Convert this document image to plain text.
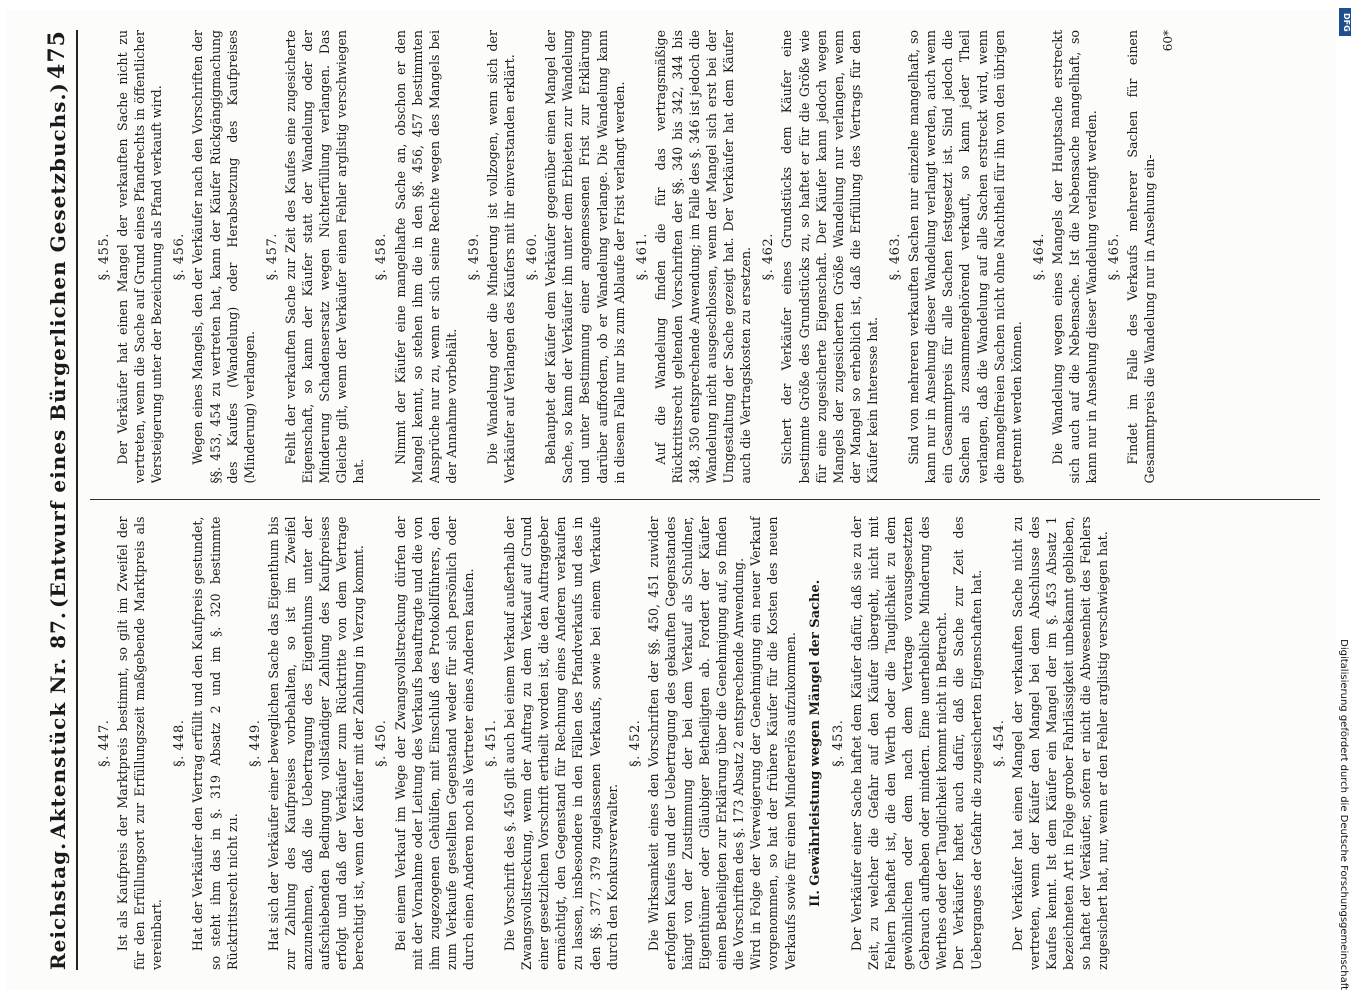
Reichstag.
Aktenstück Nr. 87.
(Entwurf eines Bürgerlichen Gesetzbuchs.)
475
§. 447. Ist als Kaufpreis der Marktpreis bestimmt, so gilt im Zweifel der für den Erfüllungsort zur Erfüllungszeit maßgebende Marktpreis als vereinbart.

§. 448. Hat der Verkäufer den Vertrag erfüllt und den Kaufpreis gestundet, so steht ihm das in §. 319 Absatz 2 und im §. 320 bestimmte Rücktrittsrecht nicht zu.

§. 449. Hat sich der Verkäufer einer beweglichen Sache das Eigenthum bis zur Zahlung des Kaufpreises vorbehalten, so ist im Zweifel anzunehmen, daß die Uebertragung des Eigenthums unter der aufschiebenden Bedingung vollständiger Zahlung des Kaufpreises erfolgt und daß der Verkäufer zum Rücktritte von dem Vertrage berechtigt ist, wenn der Käufer mit der Zahlung in Verzug kommt. §. 450. Bei einem Verkauf im Wege der Zwangsvollstreckung dürfen der mit der Vornahme oder Leitung des Verkaufs beauftragte und die von ihm zugezogenen Gehülfen, mit Einschluß des Protokollführers, den zum Verkaufe gestellten Gegenstand weder für sich persönlich oder durch einen Anderen noch als Vertreter eines Anderen kaufen. §. 451. Die Vorschrift des §. 450 gilt auch bei einem Verkauf außerhalb der Zwangsvollstreckung, wenn der Auftrag zu dem Verkauf auf Grund einer gesetzlichen Vorschrift ertheilt worden ist, die den Auftraggeber ermächtigt, den Gegenstand für Rechnung eines Anderen verkaufen zu lassen, insbesondere in den Fällen des Pfandverkaufs und des in den §§. 377, 379 zugelassenen Verkaufs, sowie bei einem Verkaufe durch den Konkursverwalter.

§. 452.

Die Wirksamkeit eines den Vorschriften der §§. 450, 451 zuwider erfolgten Kaufes und der Uebertragung des gekauften Gegenstandes hängt von der Zustimmung der bei dem Verkauf als Schuldner, Eigenthümer oder Gläubiger Betheiligten ab. Fordert der Käufer einen Betheiligten zur Erklärung über die Genehmigung auf, so finden die Vorschriften des §. 173 Absatz 2 entsprechende Anwendung.
Wird in Folge der Verweigerung der Genehmigung ein neuer Verkauf vorgenommen, so hat der frühere Käufer für die Kosten des neuen Verkaufs sowie für einen Mindererlös aufzukommen. II. Gewährleistung wegen Mängel der Sache. §. 453.

Der Verkäufer einer Sache haftet dem Käufer dafür, daß sie zu der Zeit, zu welcher die Gefahr auf den Käufer übergeht, nicht mit Fehlern behaftet ist, die den Werth oder die Tauglichkeit zu dem gewöhnlichen oder dem nach dem Vertrage vorausgesetzten Gebrauch aufheben oder mindern. Eine unerhebliche Minderung des Werthes oder der Tauglichkeit kommt nicht in Betracht.
Der Verkäufer haftet auch dafür, daß die Sache zur Zeit des Ueberganges der Gefahr die zugesicherten Eigenschaften hat.

§. 454. Der Verkäufer hat einen Mangel der verkauften Sache nicht zu vertreten, wenn der Käufer den Mangel bei dem Abschlusse des Kaufes kennt. Ist dem Käufer ein Mangel der im §. 453 Absatz 1 bezeichneten Art in Folge grober Fahrlässigkeit unbekannt geblieben, so haftet der Verkäufer, sofern er nicht die Abwesenheit des Fehlers zugesichert hat, nur, wenn er den Fehler arglistig verschwiegen hat.

§. 455. Der Verkäufer hat einen Mangel der verkauften Sache nicht zu vertreten, wenn die Sache auf Grund eines Pfandrechts in öffentlicher Versteigerung unter der Bezeichnung als Pfand verkauft wird. §. 456. Wegen eines Mangels, den der Verkäufer nach den Vorschriften der §§. 453, 454 zu vertreten hat, kann der Käufer Rückgängigmachung des Kaufes (Wandelung) oder Herabsetzung des Kaufpreises (Minderung) verlangen.

§. 457. Fehlt der verkauften Sache zur Zeit des Kaufes eine zugesicherte Eigenschaft, so kann der Käufer statt der Wandelung oder der Minderung Schadensersatz wegen Nichterfüllung verlangen. Das Gleiche gilt, wenn der Verkäufer einen Fehler arglistig verschwiegen hat.

§. 458. Nimmt der Käufer eine mangelhafte Sache an, obschon er den Mangel kennt, so stehen ihm die in den §§. 456, 457 bestimmten Ansprüche nur zu, wenn er sich seine Rechte wegen des Mangels bei der Annahme vorbehält.

§. 459. Die Wandelung oder die Minderung ist vollzogen, wenn sich der Verkäufer auf Verlangen des Käufers mit ihr einverstanden erklärt. §. 460. Behauptet der Käufer dem Verkäufer gegenüber einen Mangel der Sache, so kann der Verkäufer ihn unter dem Erbieten zur Wandelung und unter Bestimmung einer angemessenen Frist zur Erklärung darüber auffordern, ob er Wandelung verlange. Die Wandelung kann in diesem Falle nur bis zum Ablaufe der Frist verlangt werden. §. 461. Auf die Wandelung finden die für das vertragsmäßige Rücktrittsrecht geltenden Vorschriften der §§. 340 bis 342, 344 bis 348, 350 entsprechende Anwendung; im Falle des §. 346 ist jedoch die Wandelung nicht ausgeschlossen, wenn der Mangel sich erst bei der Umgestaltung der Sache gezeigt hat. Der Verkäufer hat dem Käufer auch die Vertragskosten zu ersetzen. §. 462. Sichert der Verkäufer eines Grundstücks dem Käufer eine bestimmte Größe des Grundstücks zu, so haftet er für die Größe wie für eine zugesicherte Eigenschaft. Der Käufer kann jedoch wegen Mangels der zugesicherten Größe Wandelung nur verlangen, wenn der Mangel so erheblich ist, daß die Erfüllung des Vertrags für den Käufer kein Interesse hat.

§. 463. Sind von mehreren verkauften Sachen nur einzelne mangelhaft, so kann nur in Ansehung dieser Wandelung verlangt werden, auch wenn ein Gesammtpreis für alle Sachen festgesetzt ist. Sind jedoch die Sachen als zusammengehörend verkauft, so kann jeder Theil verlangen, daß die Wandelung auf alle Sachen erstreckt wird, wenn die mangelfreien Sachen nicht ohne Nachtheil für ihn von den übrigen getrennt werden können.

§. 464. Die Wandelung wegen eines Mangels der Hauptsache erstreckt sich auch auf die Nebensache. Ist die Nebensache mangelhaft, so kann nur in Ansehung dieser Wandelung verlangt werden. §. 465. Findet im Falle des Verkaufs mehrerer Sachen für einen Gesammtpreis die Wandelung nur in Ansehung ein-

60*
DFG
Digitalisierung gefördert durch die Deutsche Forschungsgemeinschaft
